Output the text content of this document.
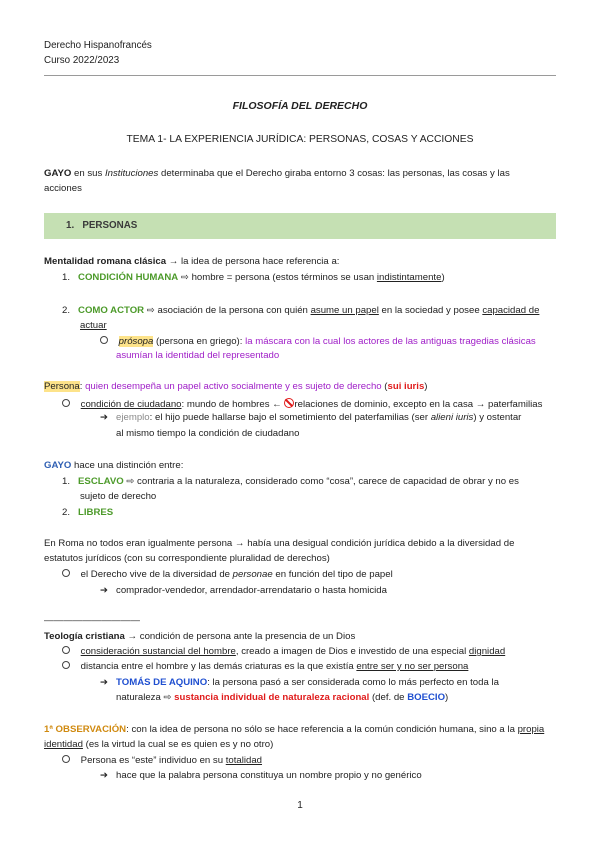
Derecho Hispanofrancés
Curso 2022/2023
FILOSOFÍA DEL DERECHO
TEMA 1- LA EXPERIENCIA JURÍDICA: PERSONAS, COSAS Y ACCIONES
GAYO en sus Instituciones determinaba que el Derecho giraba entorno 3 cosas: las personas, las cosas y las
acciones
1. PERSONAS
Mentalidad romana clásica → la idea de persona hace referencia a:
1. CONDICIÓN HUMANA ⇨ hombre = persona (estos términos se usan indistintamente)
2. COMO ACTOR ⇨ asociación de la persona con quién asume un papel en la sociedad y posee capacidad de
actuar
prósopa (persona en griego): la máscara con la cual los actores de las antiguas tragedias clásicas
asumían la identidad del representado
Persona: quien desempeña un papel activo socialmente y es sujeto de derecho (sui iuris)
condición de ciudadano: mundo de hombres ← relaciones de dominio, excepto en la casa → paterfamilias
➔ ejemplo: el hijo puede hallarse bajo el sometimiento del paterfamilias (ser alieni iuris) y ostentar
al mismo tiempo la condición de ciudadano
GAYO hace una distinción entre:
1. ESCLAVO ⇨ contraria a la naturaleza, considerado como “cosa”, carece de capacidad de obrar y no es
sujeto de derecho
2. LIBRES
En Roma no todos eran igualmente persona → había una desigual condición jurídica debido a la diversidad de
estatutos jurídicos (con su correspondiente pluralidad de derechos)
el Derecho vive de la diversidad de personae en función del tipo de papel
➔ comprador-vendedor, arrendador-arrendatario o hasta homicida
——————————
Teología cristiana → condición de persona ante la presencia de un Dios
consideración sustancial del hombre, creado a imagen de Dios e investido de una especial dignidad
distancia entre el hombre y las demás criaturas es la que existía entre ser y no ser persona
➔ TOMÁS DE AQUINO: la persona pasó a ser considerada como lo más perfecto en toda la
naturaleza ⇨ sustancia individual de naturaleza racional (def. de BOECIO)
1ª OBSERVACIÓN: con la idea de persona no sólo se hace referencia a la común condición humana, sino a la propia
identidad (es la virtud la cual se es quien es y no otro)
Persona es “este” individuo en su totalidad
➔ hace que la palabra persona constituya un nombre propio y no genérico
1
